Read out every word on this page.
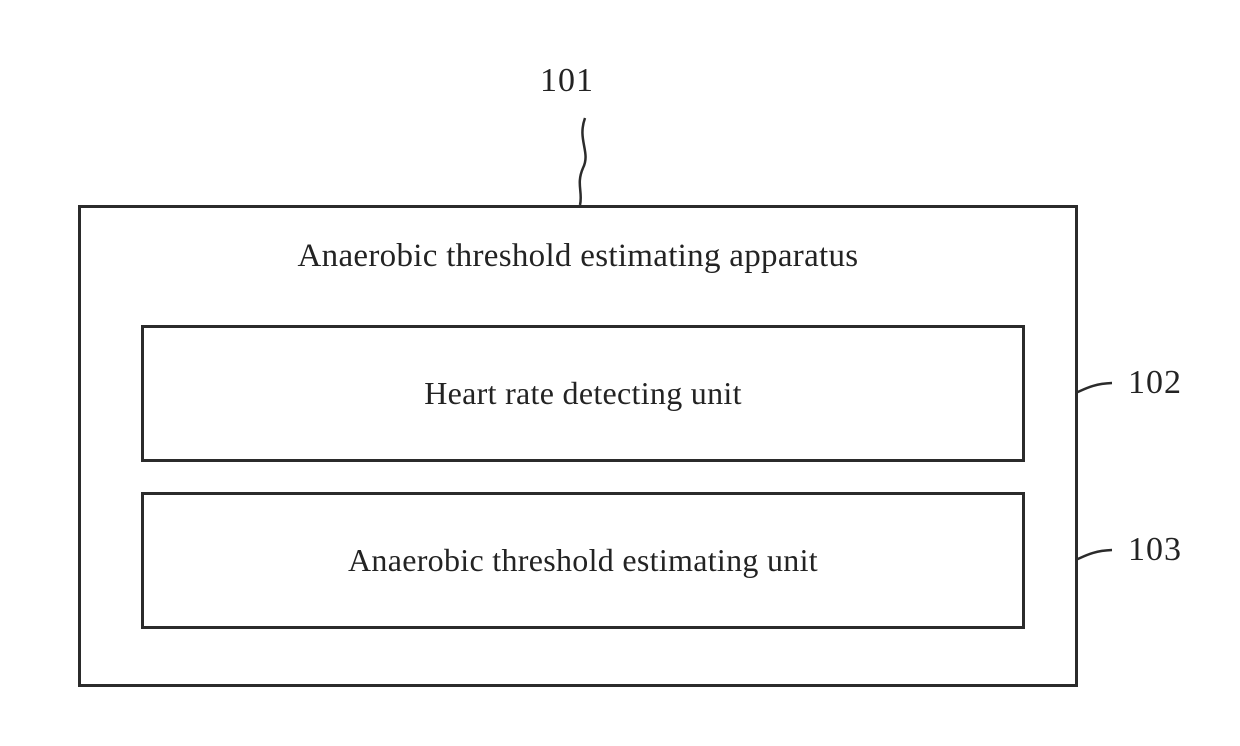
101
Anaerobic threshold estimating apparatus
Heart rate detecting unit
Anaerobic threshold estimating unit
102
103
